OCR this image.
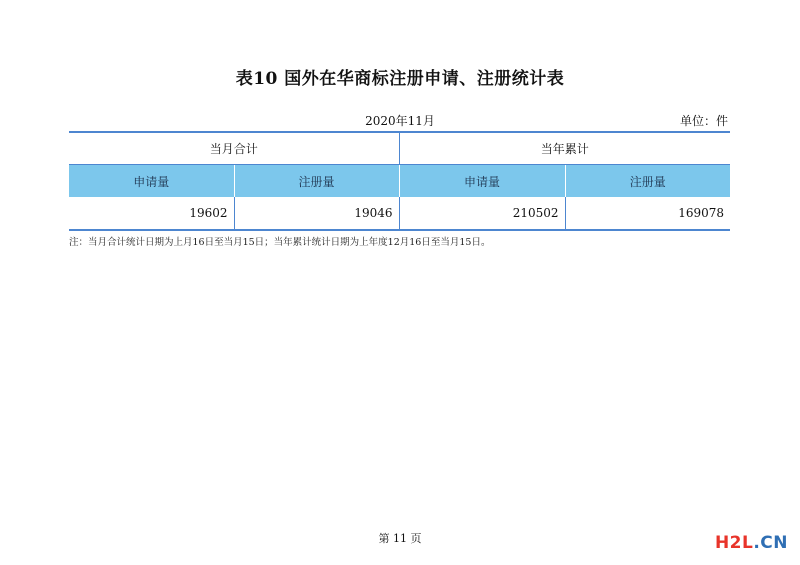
表10 国外在华商标注册申请、注册统计表
2020年11月	单位：件

当月合计		当年累计	
申请量	注册量	申请量	注册量
19602	19046	210502	169078
注：当月合计统计日期为上月16日至当月15日；当年累计统计日期为上年度12月16日至当月15日。
第 11 页	H2L.CN
